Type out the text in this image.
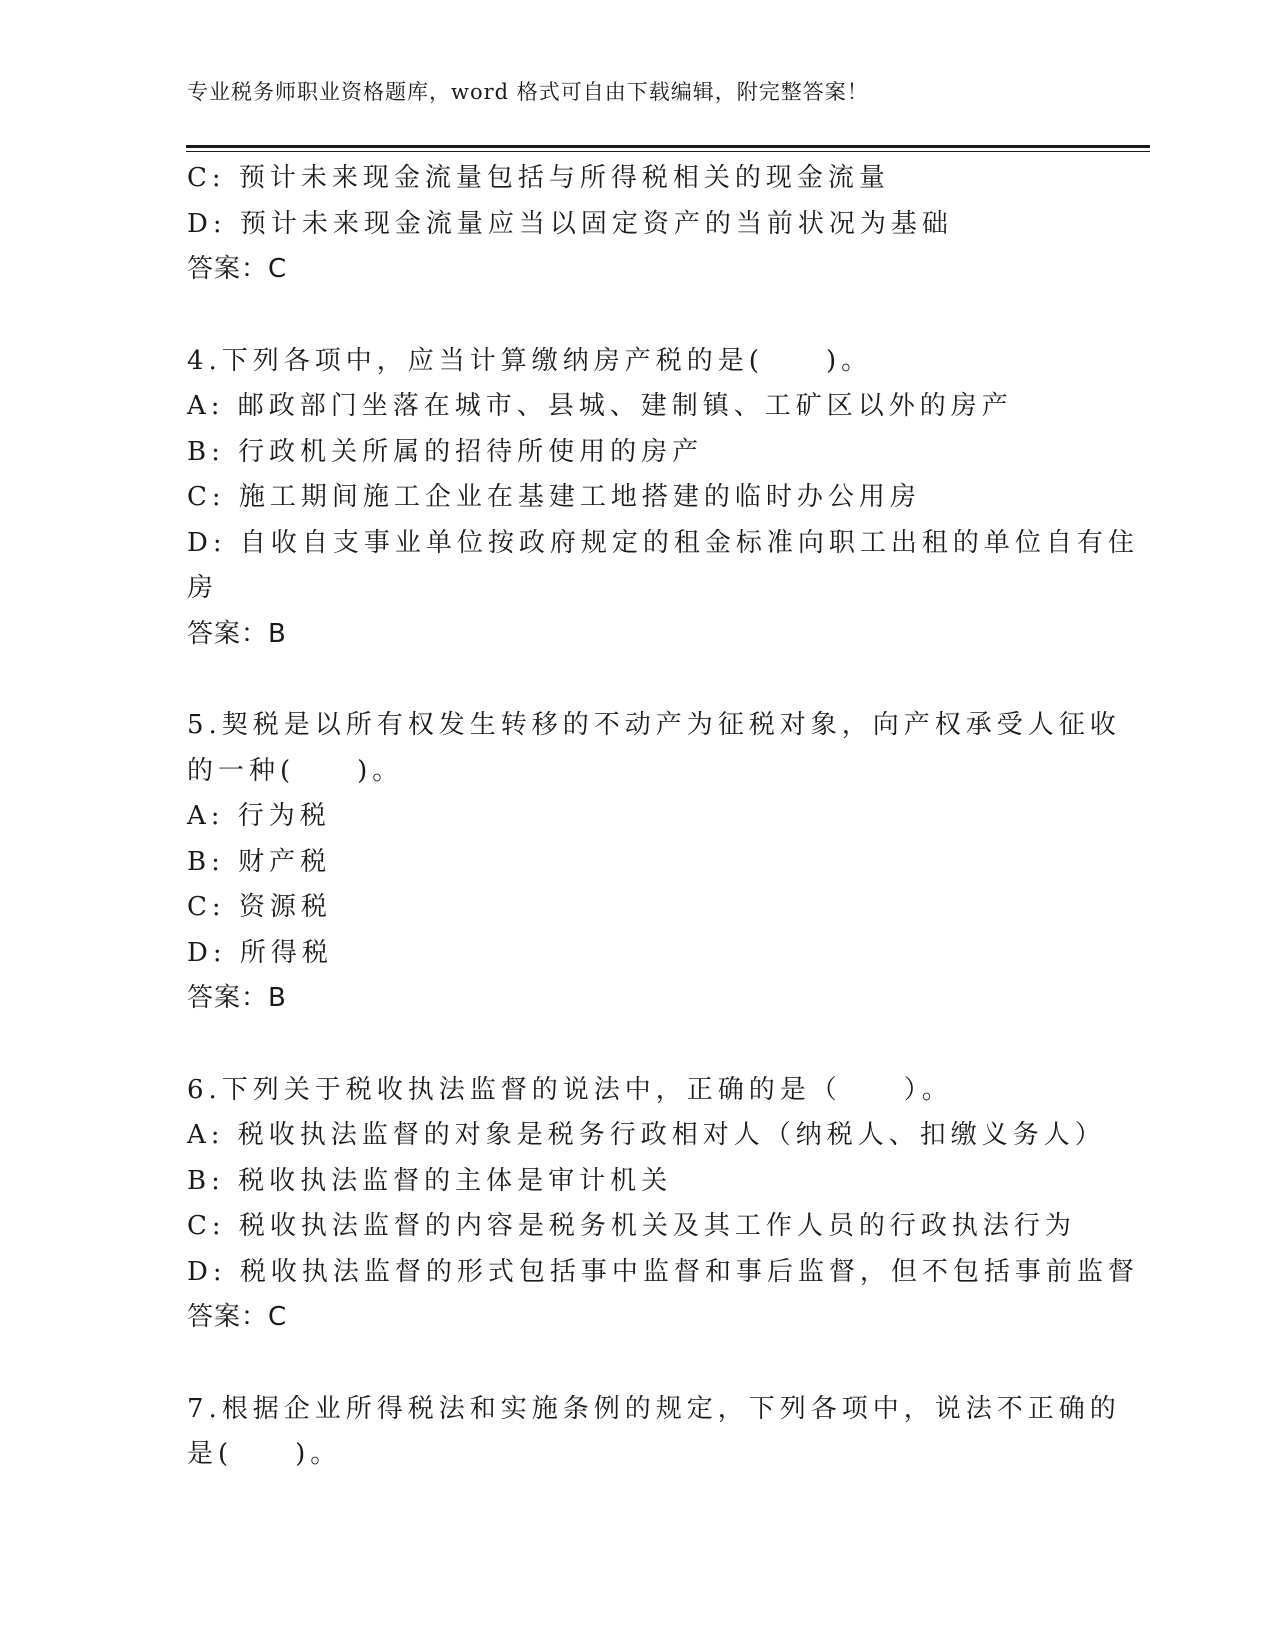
专业税务师职业资格题库，word 格式可自由下载编辑，附完整答案！
C: 预计未来现金流量包括与所得税相关的现金流量
D: 预计未来现金流量应当以固定资产的当前状况为基础
答案：C
4.下列各项中，应当计算缴纳房产税的是(　　)。
A: 邮政部门坐落在城市、县城、建制镇、工矿区以外的房产
B: 行政机关所属的招待所使用的房产
C: 施工期间施工企业在基建工地搭建的临时办公用房
D: 自收自支事业单位按政府规定的租金标准向职工出租的单位自有住
房
答案：B
5.契税是以所有权发生转移的不动产为征税对象，向产权承受人征收
的一种(　　)。
A: 行为税
B: 财产税
C: 资源税
D: 所得税
答案：B
6.下列关于税收执法监督的说法中，正确的是（　　）。
A: 税收执法监督的对象是税务行政相对人（纳税人、扣缴义务人）
B: 税收执法监督的主体是审计机关
C: 税收执法监督的内容是税务机关及其工作人员的行政执法行为
D: 税收执法监督的形式包括事中监督和事后监督，但不包括事前监督
答案：C
7.根据企业所得税法和实施条例的规定，下列各项中，说法不正确的
是(　　)。
